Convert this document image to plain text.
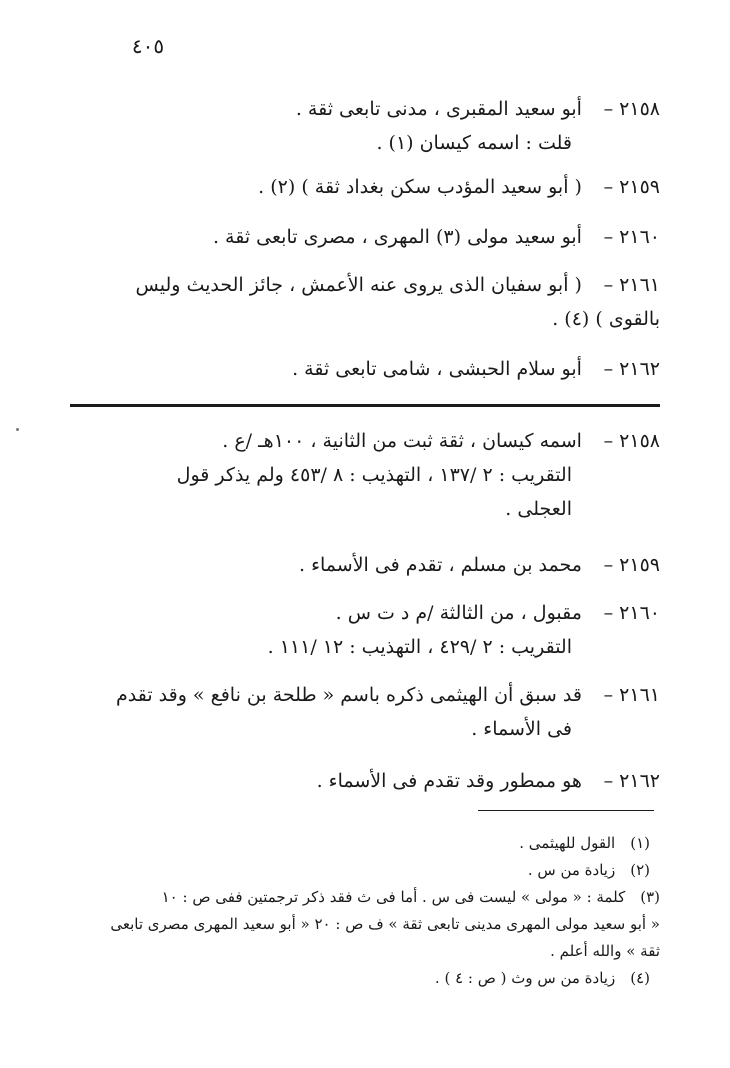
٤٠٥
٢١٥٨ – أبو سعيد المقبرى ، مدنى تابعى ثقة .
قلت : اسمه كيسان (١) .
٢١٥٩ – ( أبو سعيد المؤدب سكن بغداد ثقة ) (٢) .
٢١٦٠ – أبو سعيد مولى (٣) المهرى ، مصرى تابعى ثقة .
٢١٦١ – ( أبو سفيان الذى يروى عنه الأعمش ، جائز الحديث وليس
بالقوى ) (٤) .
٢١٦٢ – أبو سلام الحبشى ، شامى تابعى ثقة .
٢١٥٨ – اسمه كيسان ، ثقة ثبت من الثانية ، ١٠٠هـ /ع .
التقريب : ٢ /١٣٧ ، التهذيب : ٨ /٤٥٣ ولم يذكر قول
العجلى .
٢١٥٩ – محمد بن مسلم ، تقدم فى الأسماء .
٢١٦٠ – مقبول ، من الثالثة /م د ت س .
التقريب : ٢ /٤٢٩ ، التهذيب : ١٢ /١١١ .
٢١٦١ – قد سبق أن الهيثمى ذكره باسم « طلحة بن نافع » وقد تقدم
فى الأسماء .
٢١٦٢ – هو ممطور وقد تقدم فى الأسماء .
(١) القول للهيثمى .
(٢) زيادة من س .
(٣) كلمة : « مولى » ليست فى س . أما فى ث فقد ذكر ترجمتين ففى ص : ١٠
« أبو سعيد مولى المهرى مدينى تابعى ثقة » ف ص : ٢٠ « أبو سعيد المهرى مصرى تابعى
ثقة » والله أعلم .
(٤) زيادة من س وث ( ص : ٤ ) .
